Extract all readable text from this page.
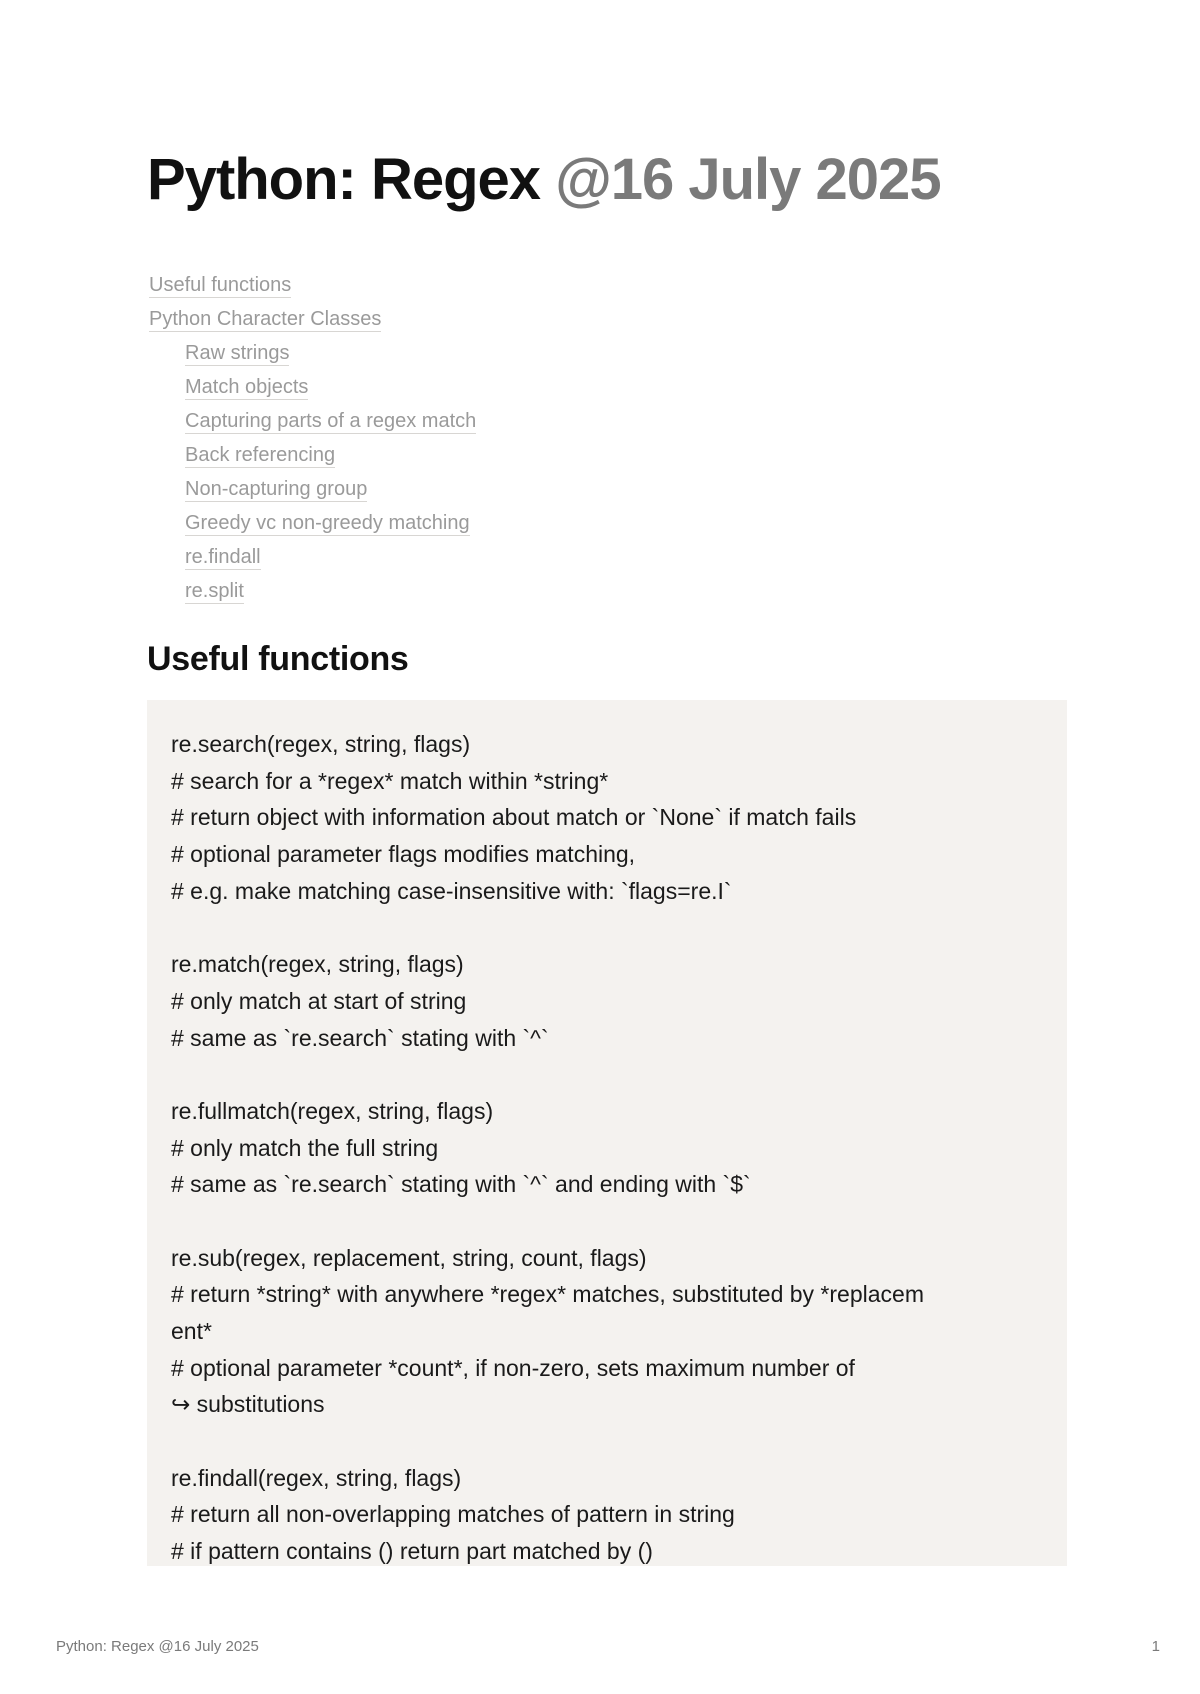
Python: Regex @16 July 2025
Useful functions
Python Character Classes
Raw strings
Match objects
Capturing parts of a regex match
Back referencing
Non-capturing group
Greedy vc non-greedy matching
re.findall
re.split
Useful functions
re.search(regex, string, flags)
# search for a *regex* match within *string*
# return object with information about match or `None` if match fails
# optional parameter flags modifies matching,
# e.g. make matching case-insensitive with: `flags=re.I`
re.match(regex, string, flags)
# only match at start of string
# same as `re.search` stating with `^`
re.fullmatch(regex, string, flags)
# only match the full string
# same as `re.search` stating with `^` and ending with `$`
re.sub(regex, replacement, string, count, flags)
# return *string* with anywhere *regex* matches, substituted by *replacem
ent*
# optional parameter *count*, if non-zero, sets maximum number of
↪ substitutions
re.findall(regex, string, flags)
# return all non-overlapping matches of pattern in string
# if pattern contains () return part matched by ()
Python: Regex @16 July 2025	1
